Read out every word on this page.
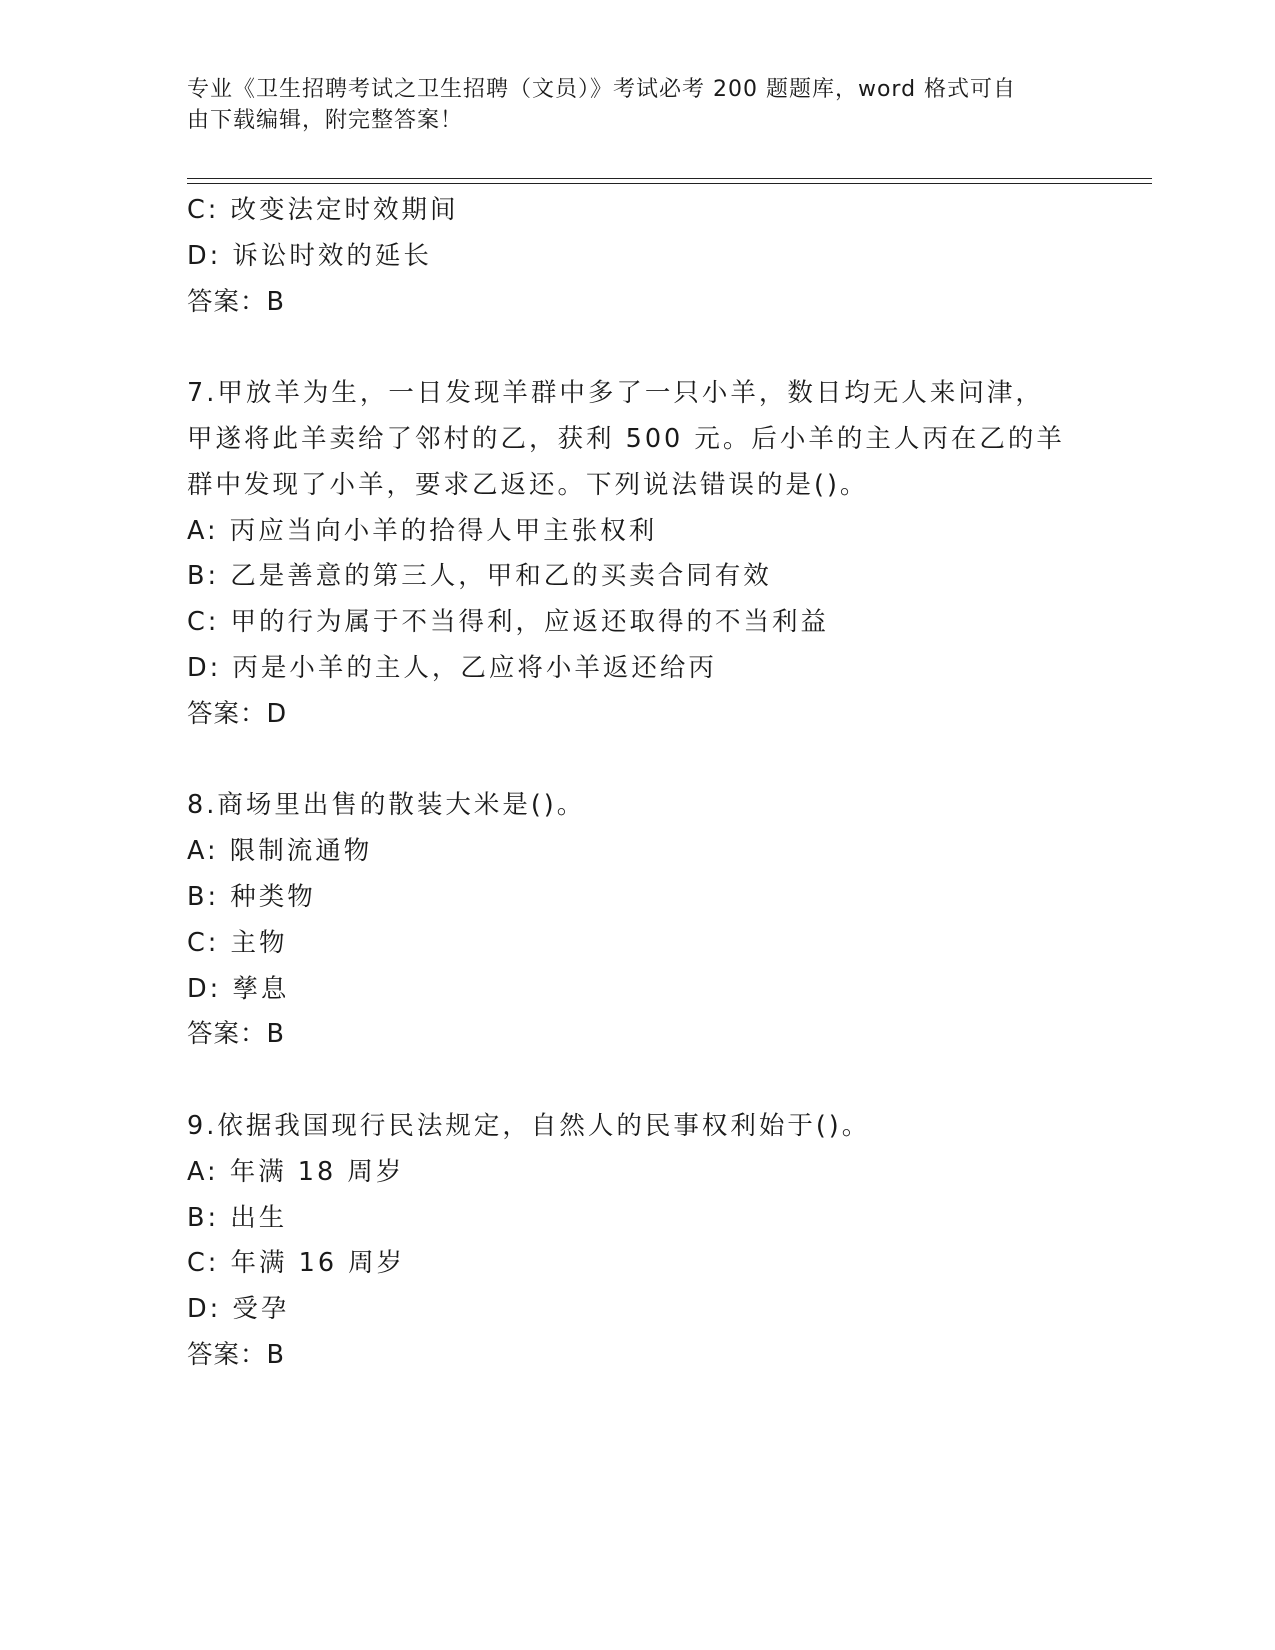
专业《卫生招聘考试之卫生招聘（文员）》考试必考 200 题题库，word 格式可自
由下载编辑，附完整答案！
C: 改变法定时效期间
D: 诉讼时效的延长
答案：B
7.甲放羊为生，一日发现羊群中多了一只小羊，数日均无人来问津，
甲遂将此羊卖给了邻村的乙，获利 500 元。后小羊的主人丙在乙的羊
群中发现了小羊，要求乙返还。下列说法错误的是()。
A: 丙应当向小羊的拾得人甲主张权利
B: 乙是善意的第三人，甲和乙的买卖合同有效
C: 甲的行为属于不当得利，应返还取得的不当利益
D: 丙是小羊的主人，乙应将小羊返还给丙
答案：D
8.商场里出售的散装大米是()。
A: 限制流通物
B: 种类物
C: 主物
D: 孳息
答案：B
9.依据我国现行民法规定，自然人的民事权利始于()。
A: 年满 18 周岁
B: 出生
C: 年满 16 周岁
D: 受孕
答案：B
